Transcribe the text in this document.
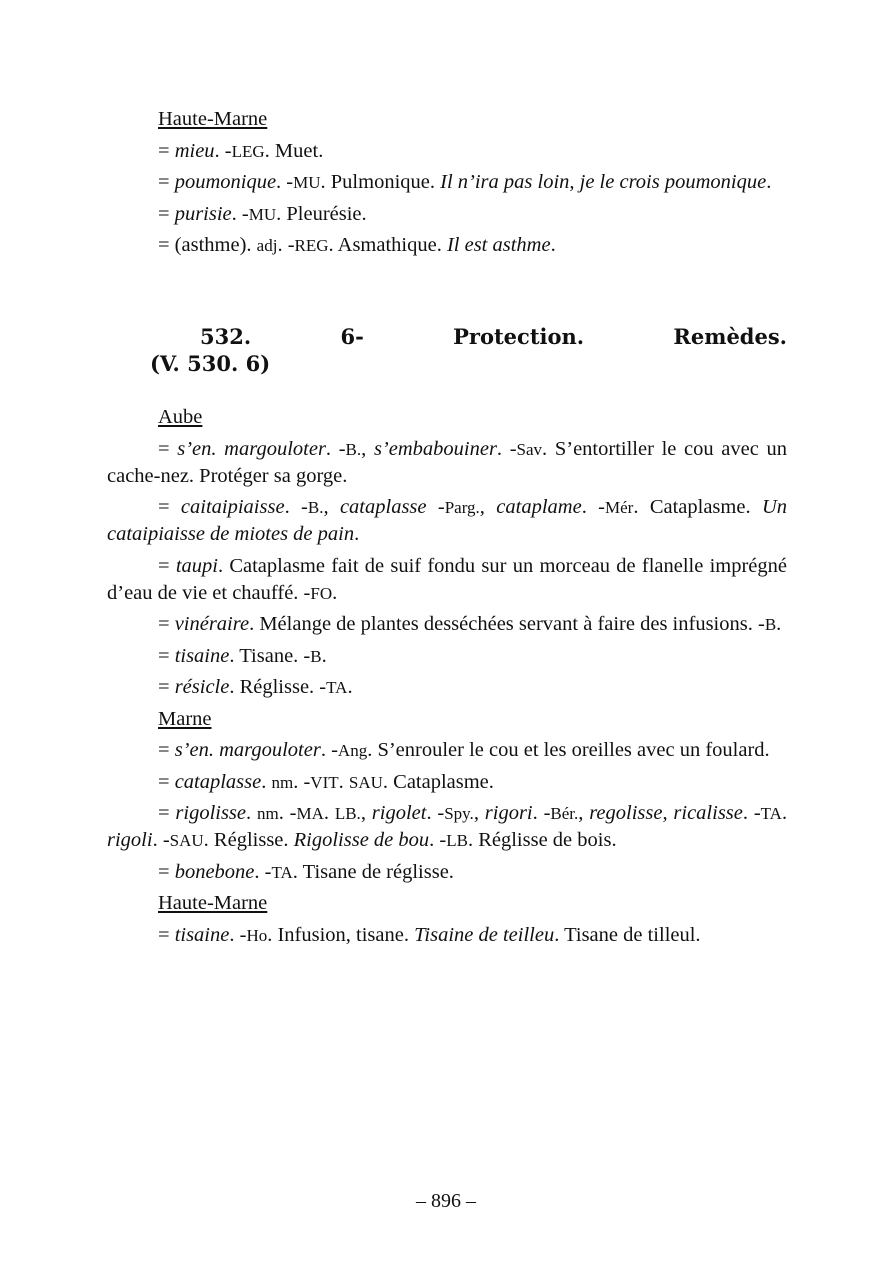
Haute-Marne

= mieu. -LEG. Muet.

= poumonique. -MU. Pulmonique. Il n’ira pas loin, je le crois poumonique.

= purisie. -MU. Pleurésie.

= (asthme). adj. -REG. Asmathique. Il est asthme.

532.	6-	Protection.	Remèdes.
(V. 530. 6)
Aube

= s’en. margouloter. -B., s’embabouiner. -Sav. S’entortiller le cou avec un cache-nez. Protéger sa gorge.

= caitaipiaisse. -B., cataplasse -Parg., cataplame. -Mér. Cataplasme. Un cataipiaisse de miotes de pain.

= taupi. Cataplasme fait de suif fondu sur un morceau de flanelle imprégné d’eau de vie et chauffé. -FO.

= vinéraire. Mélange de plantes desséchées servant à faire des infusions. -B.

= tisaine. Tisane. -B.

= résicle. Réglisse. -TA.

Marne

= s’en. margouloter. -Ang. S’enrouler le cou et les oreilles avec un foulard.

= cataplasse. nm. -VIT. SAU. Cataplasme.

= rigolisse. nm. -MA. LB., rigolet. -Spy., rigori. -Bér., regolisse, ricalisse. -TA. rigoli. -SAU. Réglisse. Rigolisse de bou. -LB. Réglisse de bois.

= bonebone. -TA. Tisane de réglisse.

Haute-Marne

= tisaine. -Ho. Infusion, tisane. Tisaine de teilleu. Tisane de tilleul.

– 896 –
